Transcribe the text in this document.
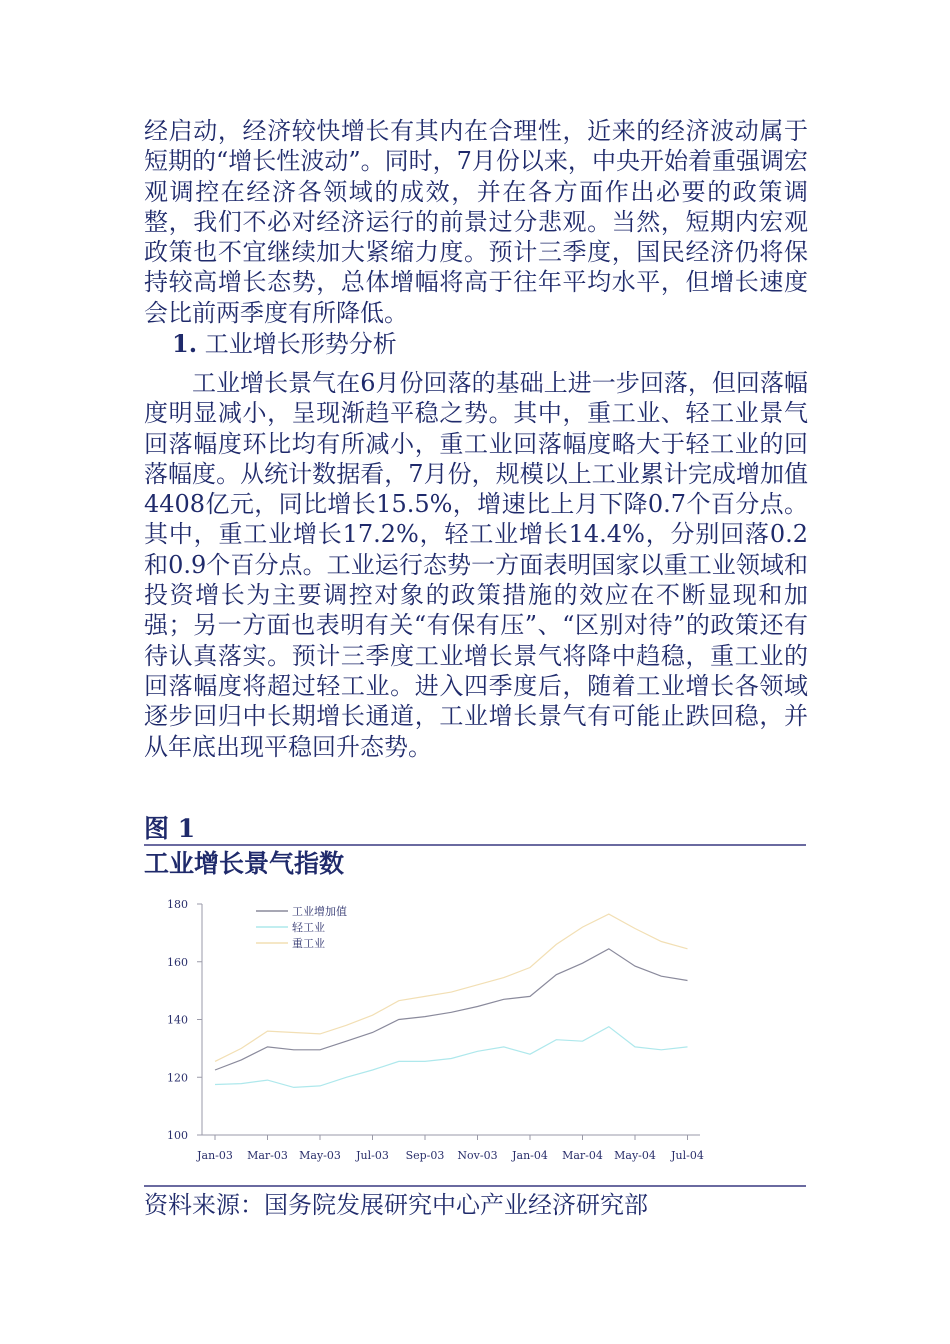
经启动，经济较快增长有其内在合理性，近来的经济波动属于短期的“增长性波动”。同时，7月份以来，中央开始着重强调宏观调控在经济各领域的成效，并在各方面作出必要的政策调整，我们不必对经济运行的前景过分悲观。当然，短期内宏观政策也不宜继续加大紧缩力度。预计三季度，国民经济仍将保持较高增长态势，总体增幅将高于往年平均水平，但增长速度会比前两季度有所降低。

1. 工业增长形势分析

工业增长景气在6月份回落的基础上进一步回落，但回落幅度明显减小，呈现渐趋平稳之势。其中，重工业、轻工业景气回落幅度环比均有所减小，重工业回落幅度略大于轻工业的回落幅度。从统计数据看，7月份，规模以上工业累计完成增加值4408亿元，同比增长15.5%，增速比上月下降0.7个百分点。其中，重工业增长17.2%，轻工业增长14.4%，分别回落0.2和0.9个百分点。工业运行态势一方面表明国家以重工业领域和投资增长为主要调控对象的政策措施的效应在不断显现和加强；另一方面也表明有关“有保有压”、“区别对待”的政策还有待认真落实。预计三季度工业增长景气将降中趋稳，重工业的回落幅度将超过轻工业。进入四季度后，随着工业增长各领域逐步回归中长期增长通道，工业增长景气有可能止跌回稳，并从年底出现平稳回升态势。

图 1

工业增长景气指数

100
120
140
160
180
Jan-03 Mar-03 May-03 Jul-03 Sep-03 Nov-03 Jan-04 Mar-04 May-04 Jul-04
工业增加值
轻工业
重工业

资料来源：国务院发展研究中心产业经济研究部
